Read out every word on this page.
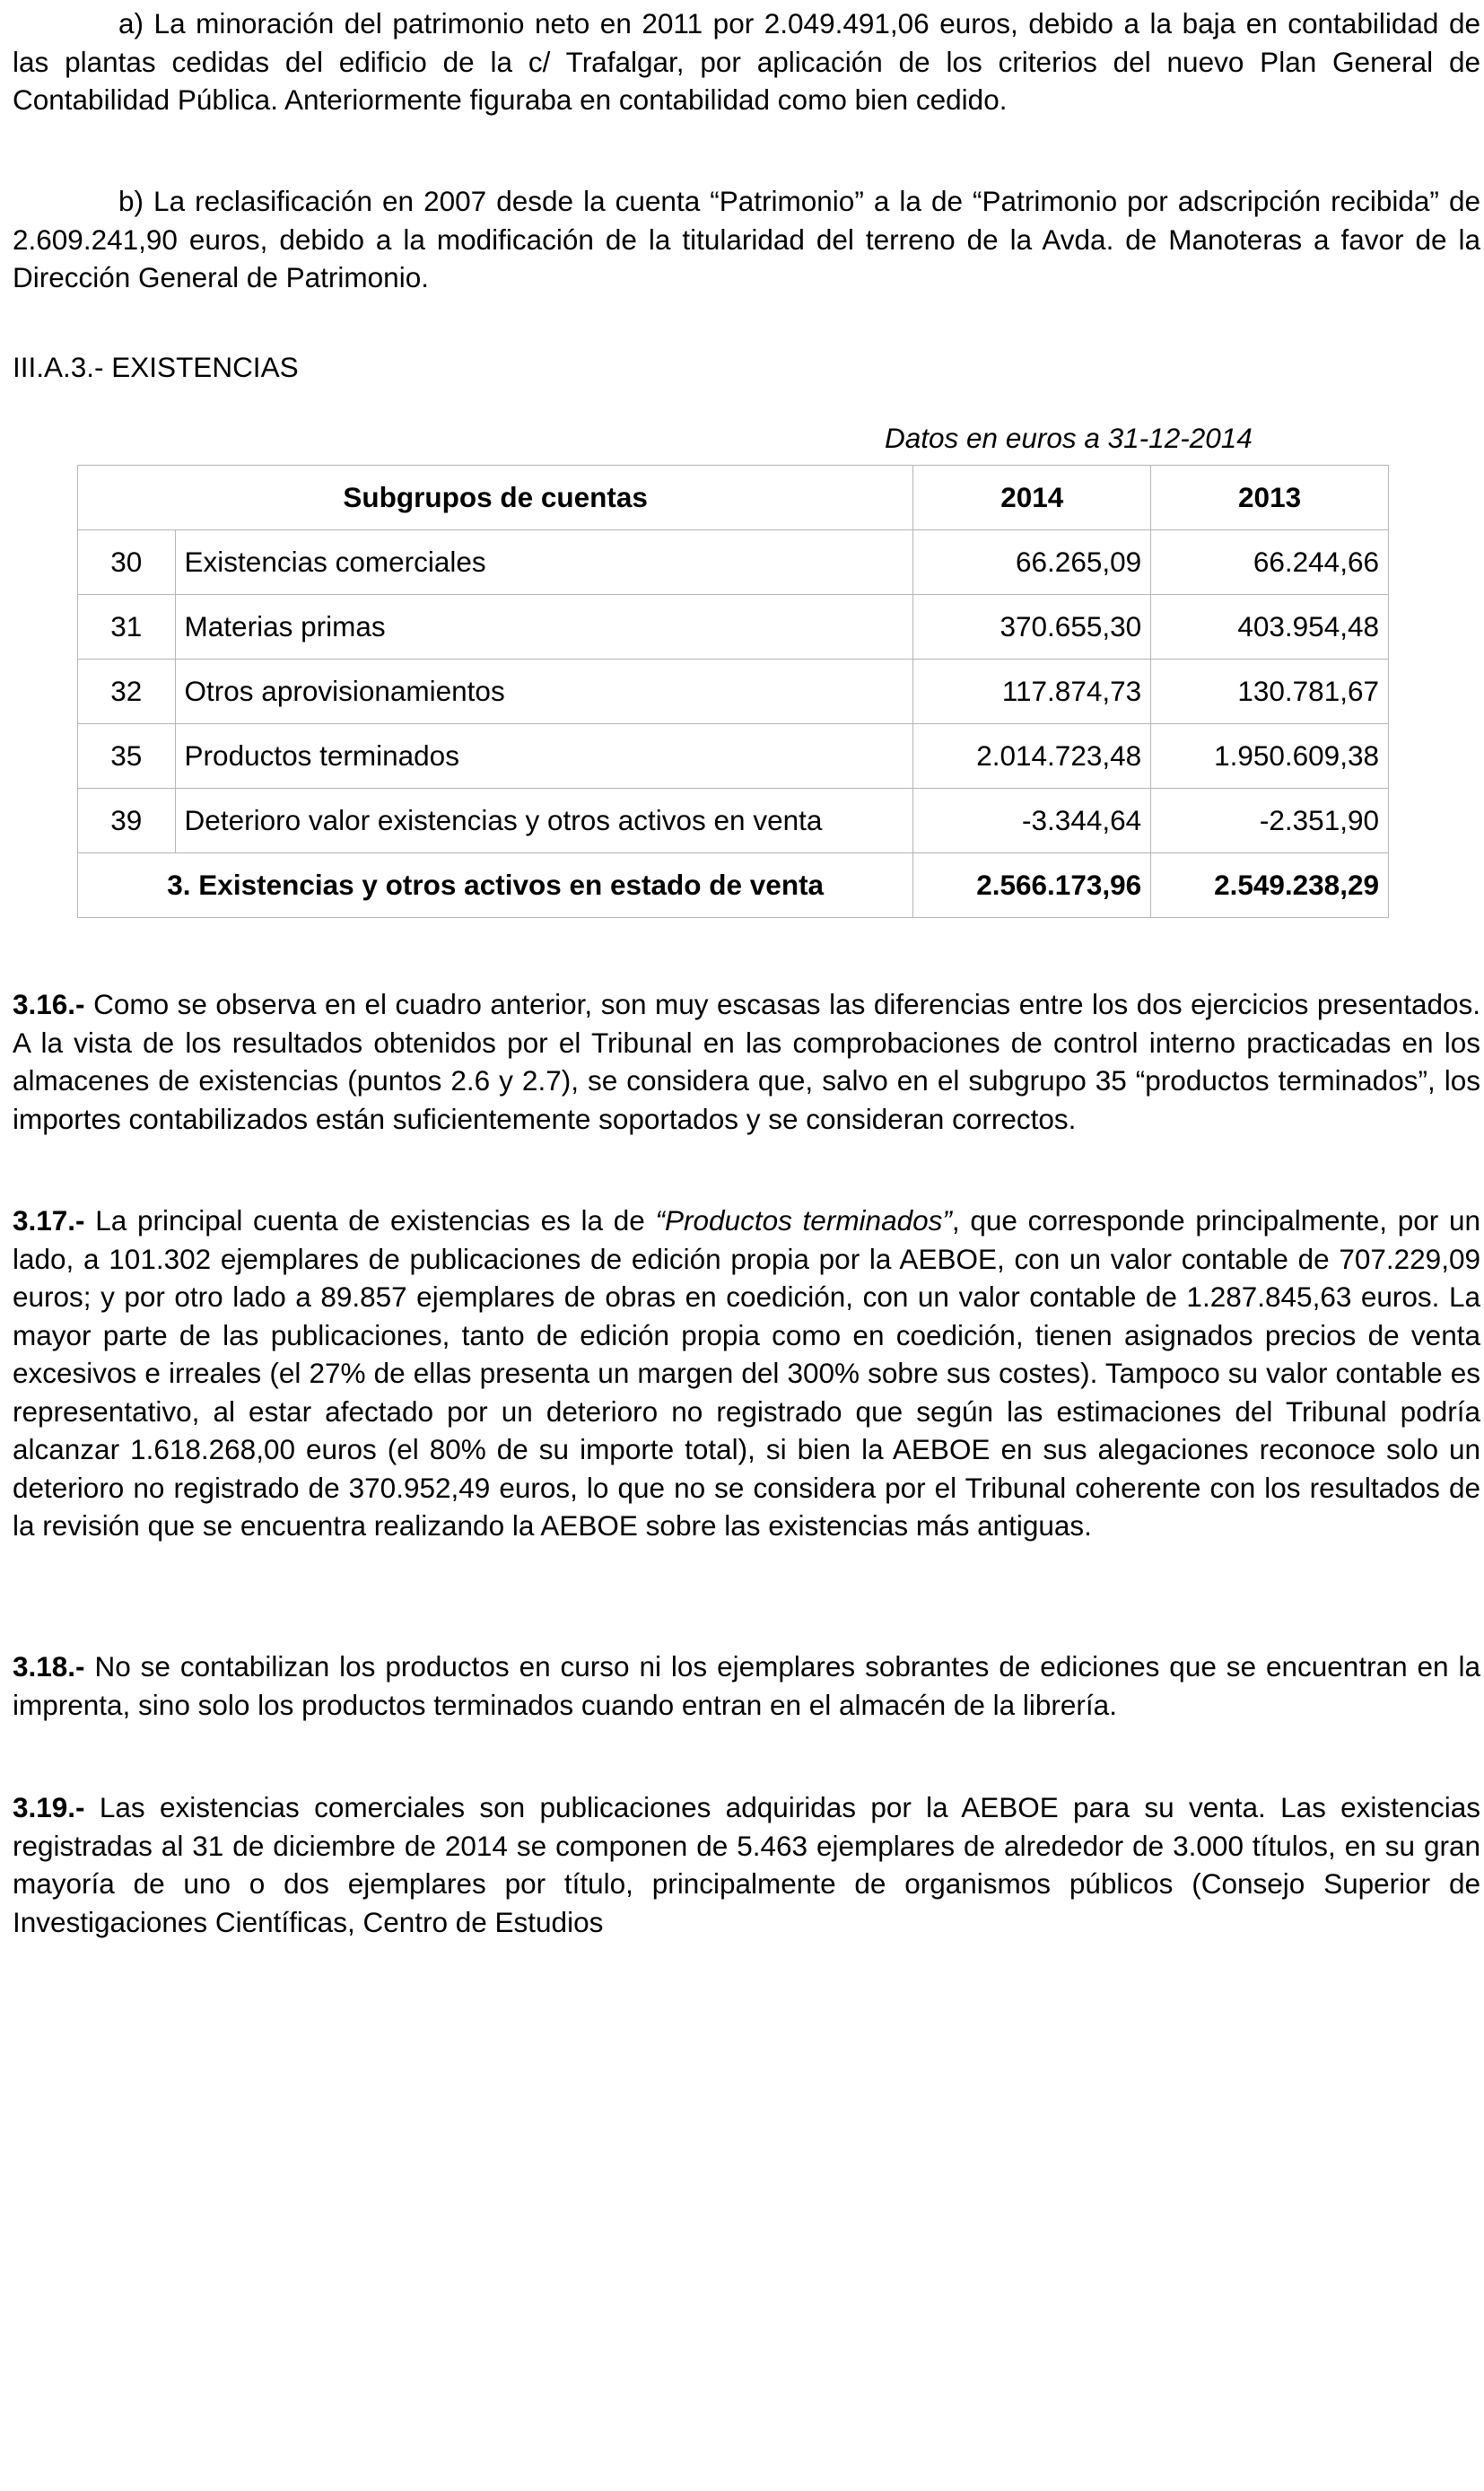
a) La minoración del patrimonio neto en 2011 por 2.049.491,06 euros, debido a la baja en contabilidad de las plantas cedidas del edificio de la c/ Trafalgar, por aplicación de los criterios del nuevo Plan General de Contabilidad Pública. Anteriormente figuraba en contabilidad como bien cedido.

b) La reclasificación en 2007 desde la cuenta “Patrimonio” a la de “Patrimonio por adscripción recibida” de 2.609.241,90 euros, debido a la modificación de la titularidad del terreno de la Avda. de Manoteras a favor de la Dirección General de Patrimonio.

III.A.3.- EXISTENCIAS
Datos en euros a 31-12-2014
Subgrupos de cuentas		2014	2013
30	Existencias comerciales	66.265,09	66.244,66
31	Materias primas	370.655,30	403.954,48
32	Otros aprovisionamientos	117.874,73	130.781,67
35	Productos terminados	2.014.723,48	1.950.609,38
39	Deterioro valor existencias y otros activos en venta	-3.344,64	-2.351,90
3. Existencias y otros activos en estado de venta		2.566.173,96	2.549.238,29

3.16.- Como se observa en el cuadro anterior, son muy escasas las diferencias entre los dos ejercicios presentados. A la vista de los resultados obtenidos por el Tribunal en las comprobaciones de control interno practicadas en los almacenes de existencias (puntos 2.6 y 2.7), se considera que, salvo en el subgrupo 35 “productos terminados”, los importes contabilizados están suficientemente soportados y se consideran correctos.

3.17.- La principal cuenta de existencias es la de “Productos terminados”, que corresponde principalmente, por un lado, a 101.302 ejemplares de publicaciones de edición propia por la AEBOE, con un valor contable de 707.229,09 euros; y por otro lado a 89.857 ejemplares de obras en coedición, con un valor contable de 1.287.845,63 euros. La mayor parte de las publicaciones, tanto de edición propia como en coedición, tienen asignados precios de venta excesivos e irreales (el 27% de ellas presenta un margen del 300% sobre sus costes). Tampoco su valor contable es representativo, al estar afectado por un deterioro no registrado que según las estimaciones del Tribunal podría alcanzar 1.618.268,00 euros (el 80% de su importe total), si bien la AEBOE en sus alegaciones reconoce solo un deterioro no registrado de 370.952,49 euros, lo que no se considera por el Tribunal coherente con los resultados de la revisión que se encuentra realizando la AEBOE sobre las existencias más antiguas.

3.18.- No se contabilizan los productos en curso ni los ejemplares sobrantes de ediciones que se encuentran en la imprenta, sino solo los productos terminados cuando entran en el almacén de la librería.

3.19.- Las existencias comerciales son publicaciones adquiridas por la AEBOE para su venta. Las existencias registradas al 31 de diciembre de 2014 se componen de 5.463 ejemplares de alrededor de 3.000 títulos, en su gran mayoría de uno o dos ejemplares por título, principalmente de organismos públicos (Consejo Superior de Investigaciones Científicas, Centro de Estudios
